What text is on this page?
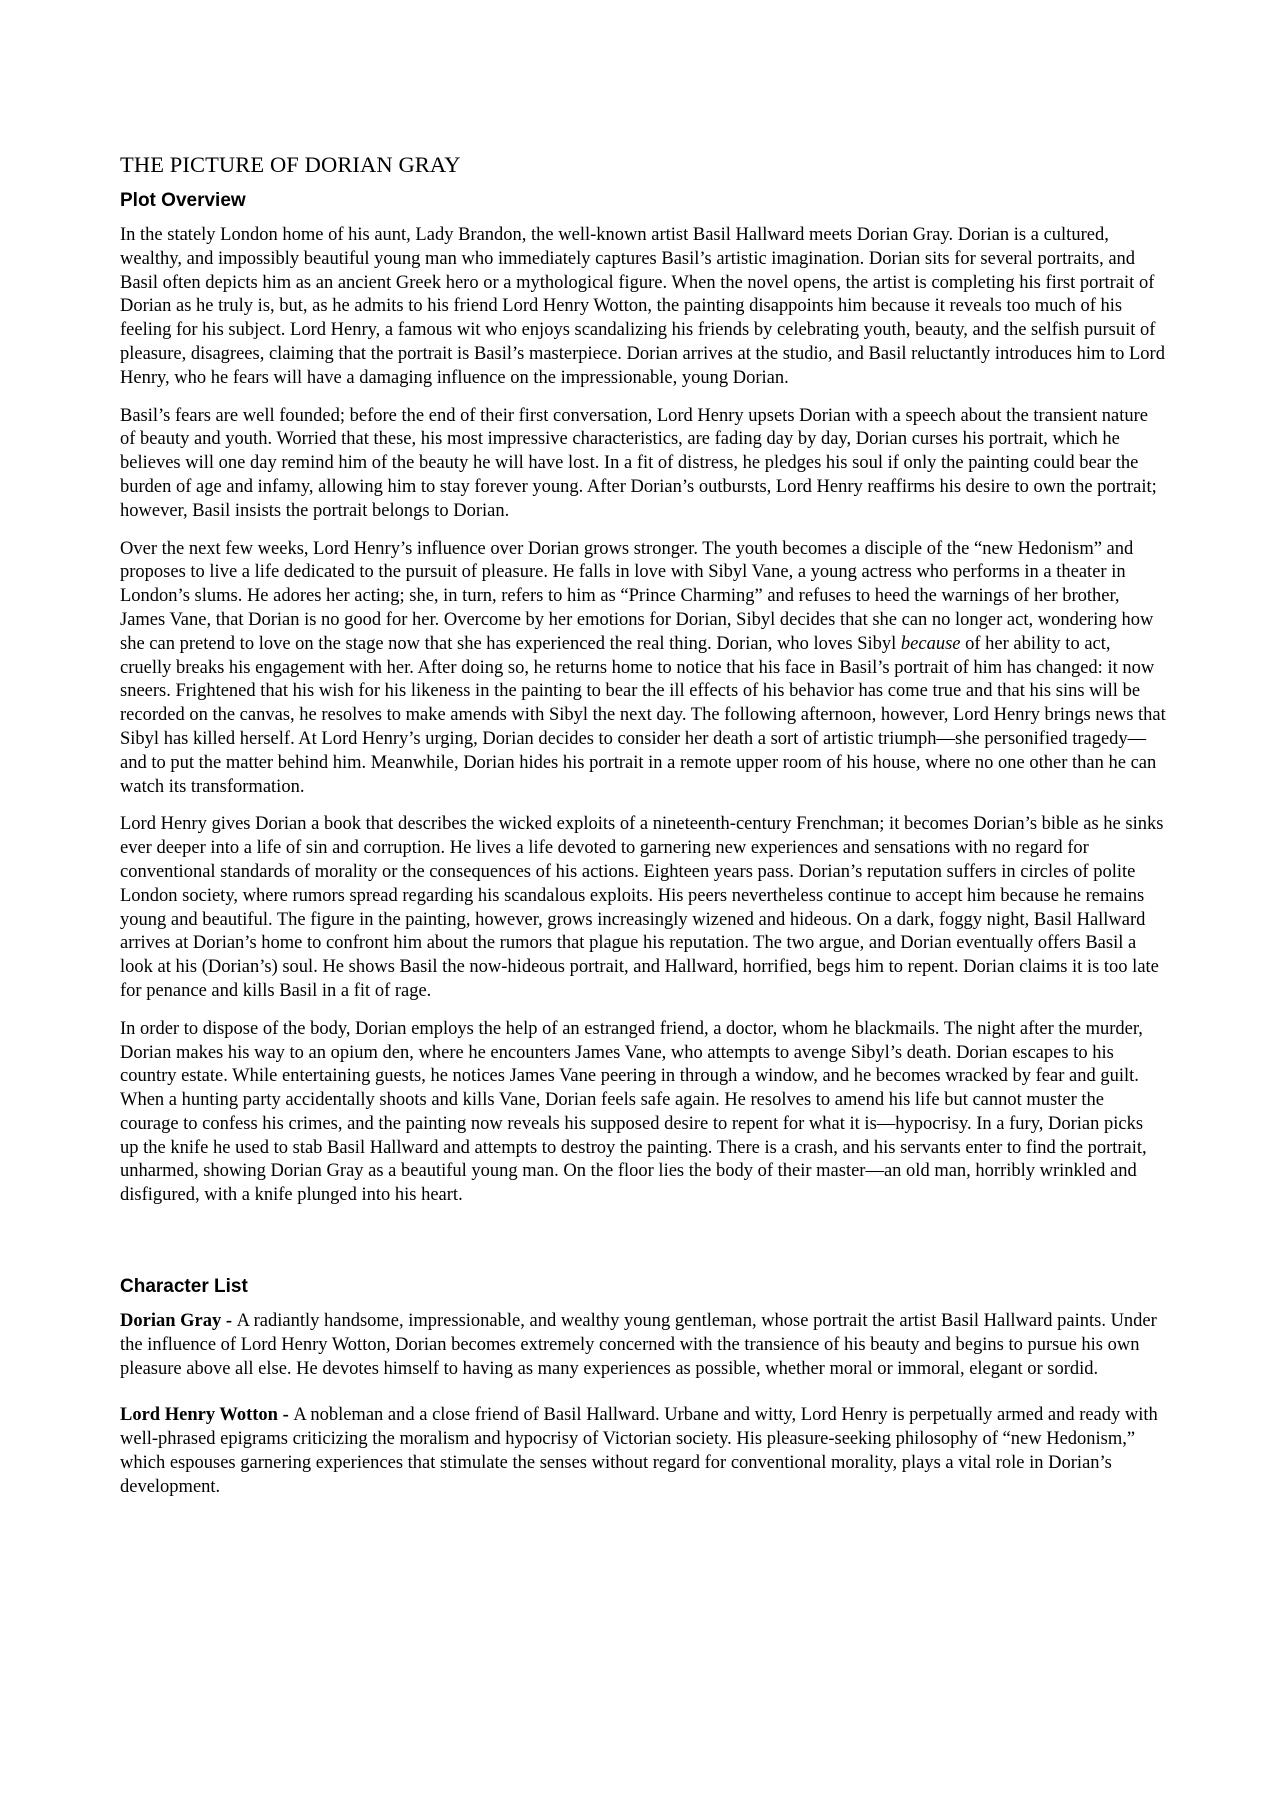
THE PICTURE OF DORIAN GRAY
Plot Overview

In the stately London home of his aunt, Lady Brandon, the well-known artist Basil Hallward meets Dorian Gray. Dorian is a cultured, wealthy, and impossibly beautiful young man who immediately captures Basil’s artistic imagination. Dorian sits for several portraits, and Basil often depicts him as an ancient Greek hero or a mythological figure. When the novel opens, the artist is completing his first portrait of Dorian as he truly is, but, as he admits to his friend Lord Henry Wotton, the painting disappoints him because it reveals too much of his feeling for his subject. Lord Henry, a famous wit who enjoys scandalizing his friends by celebrating youth, beauty, and the selfish pursuit of pleasure, disagrees, claiming that the portrait is Basil’s masterpiece. Dorian arrives at the studio, and Basil reluctantly introduces him to Lord Henry, who he fears will have a damaging influence on the impressionable, young Dorian.

Basil’s fears are well founded; before the end of their first conversation, Lord Henry upsets Dorian with a speech about the transient nature of beauty and youth. Worried that these, his most impressive characteristics, are fading day by day, Dorian curses his portrait, which he believes will one day remind him of the beauty he will have lost. In a fit of distress, he pledges his soul if only the painting could bear the burden of age and infamy, allowing him to stay forever young. After Dorian’s outbursts, Lord Henry reaffirms his desire to own the portrait; however, Basil insists the portrait belongs to Dorian.

Over the next few weeks, Lord Henry’s influence over Dorian grows stronger. The youth becomes a disciple of the “new Hedonism” and proposes to live a life dedicated to the pursuit of pleasure. He falls in love with Sibyl Vane, a young actress who performs in a theater in London’s slums. He adores her acting; she, in turn, refers to him as “Prince Charming” and refuses to heed the warnings of her brother, James Vane, that Dorian is no good for her. Overcome by her emotions for Dorian, Sibyl decides that she can no longer act, wondering how she can pretend to love on the stage now that she has experienced the real thing. Dorian, who loves Sibyl because of her ability to act, cruelly breaks his engagement with her. After doing so, he returns home to notice that his face in Basil’s portrait of him has changed: it now sneers. Frightened that his wish for his likeness in the painting to bear the ill effects of his behavior has come true and that his sins will be recorded on the canvas, he resolves to make amends with Sibyl the next day. The following afternoon, however, Lord Henry brings news that Sibyl has killed herself. At Lord Henry’s urging, Dorian decides to consider her death a sort of artistic triumph—she personified tragedy—and to put the matter behind him. Meanwhile, Dorian hides his portrait in a remote upper room of his house, where no one other than he can watch its transformation.

Lord Henry gives Dorian a book that describes the wicked exploits of a nineteenth-century Frenchman; it becomes Dorian’s bible as he sinks ever deeper into a life of sin and corruption. He lives a life devoted to garnering new experiences and sensations with no regard for conventional standards of morality or the consequences of his actions. Eighteen years pass. Dorian’s reputation suffers in circles of polite London society, where rumors spread regarding his scandalous exploits. His peers nevertheless continue to accept him because he remains young and beautiful. The figure in the painting, however, grows increasingly wizened and hideous. On a dark, foggy night, Basil Hallward arrives at Dorian’s home to confront him about the rumors that plague his reputation. The two argue, and Dorian eventually offers Basil a look at his (Dorian’s) soul. He shows Basil the now-hideous portrait, and Hallward, horrified, begs him to repent. Dorian claims it is too late for penance and kills Basil in a fit of rage.

In order to dispose of the body, Dorian employs the help of an estranged friend, a doctor, whom he blackmails. The night after the murder, Dorian makes his way to an opium den, where he encounters James Vane, who attempts to avenge Sibyl’s death. Dorian escapes to his country estate. While entertaining guests, he notices James Vane peering in through a window, and he becomes wracked by fear and guilt. When a hunting party accidentally shoots and kills Vane, Dorian feels safe again. He resolves to amend his life but cannot muster the courage to confess his crimes, and the painting now reveals his supposed desire to repent for what it is—hypocrisy. In a fury, Dorian picks up the knife he used to stab Basil Hallward and attempts to destroy the painting. There is a crash, and his servants enter to find the portrait, unharmed, showing Dorian Gray as a beautiful young man. On the floor lies the body of their master—an old man, horribly wrinkled and disfigured, with a knife plunged into his heart.

Character List

Dorian Gray - A radiantly handsome, impressionable, and wealthy young gentleman, whose portrait the artist Basil Hallward paints. Under the influence of Lord Henry Wotton, Dorian becomes extremely concerned with the transience of his beauty and begins to pursue his own pleasure above all else. He devotes himself to having as many experiences as possible, whether moral or immoral, elegant or sordid.

Lord Henry Wotton - A nobleman and a close friend of Basil Hallward. Urbane and witty, Lord Henry is perpetually armed and ready with well-phrased epigrams criticizing the moralism and hypocrisy of Victorian society. His pleasure-seeking philosophy of “new Hedonism,” which espouses garnering experiences that stimulate the senses without regard for conventional morality, plays a vital role in Dorian’s development.
